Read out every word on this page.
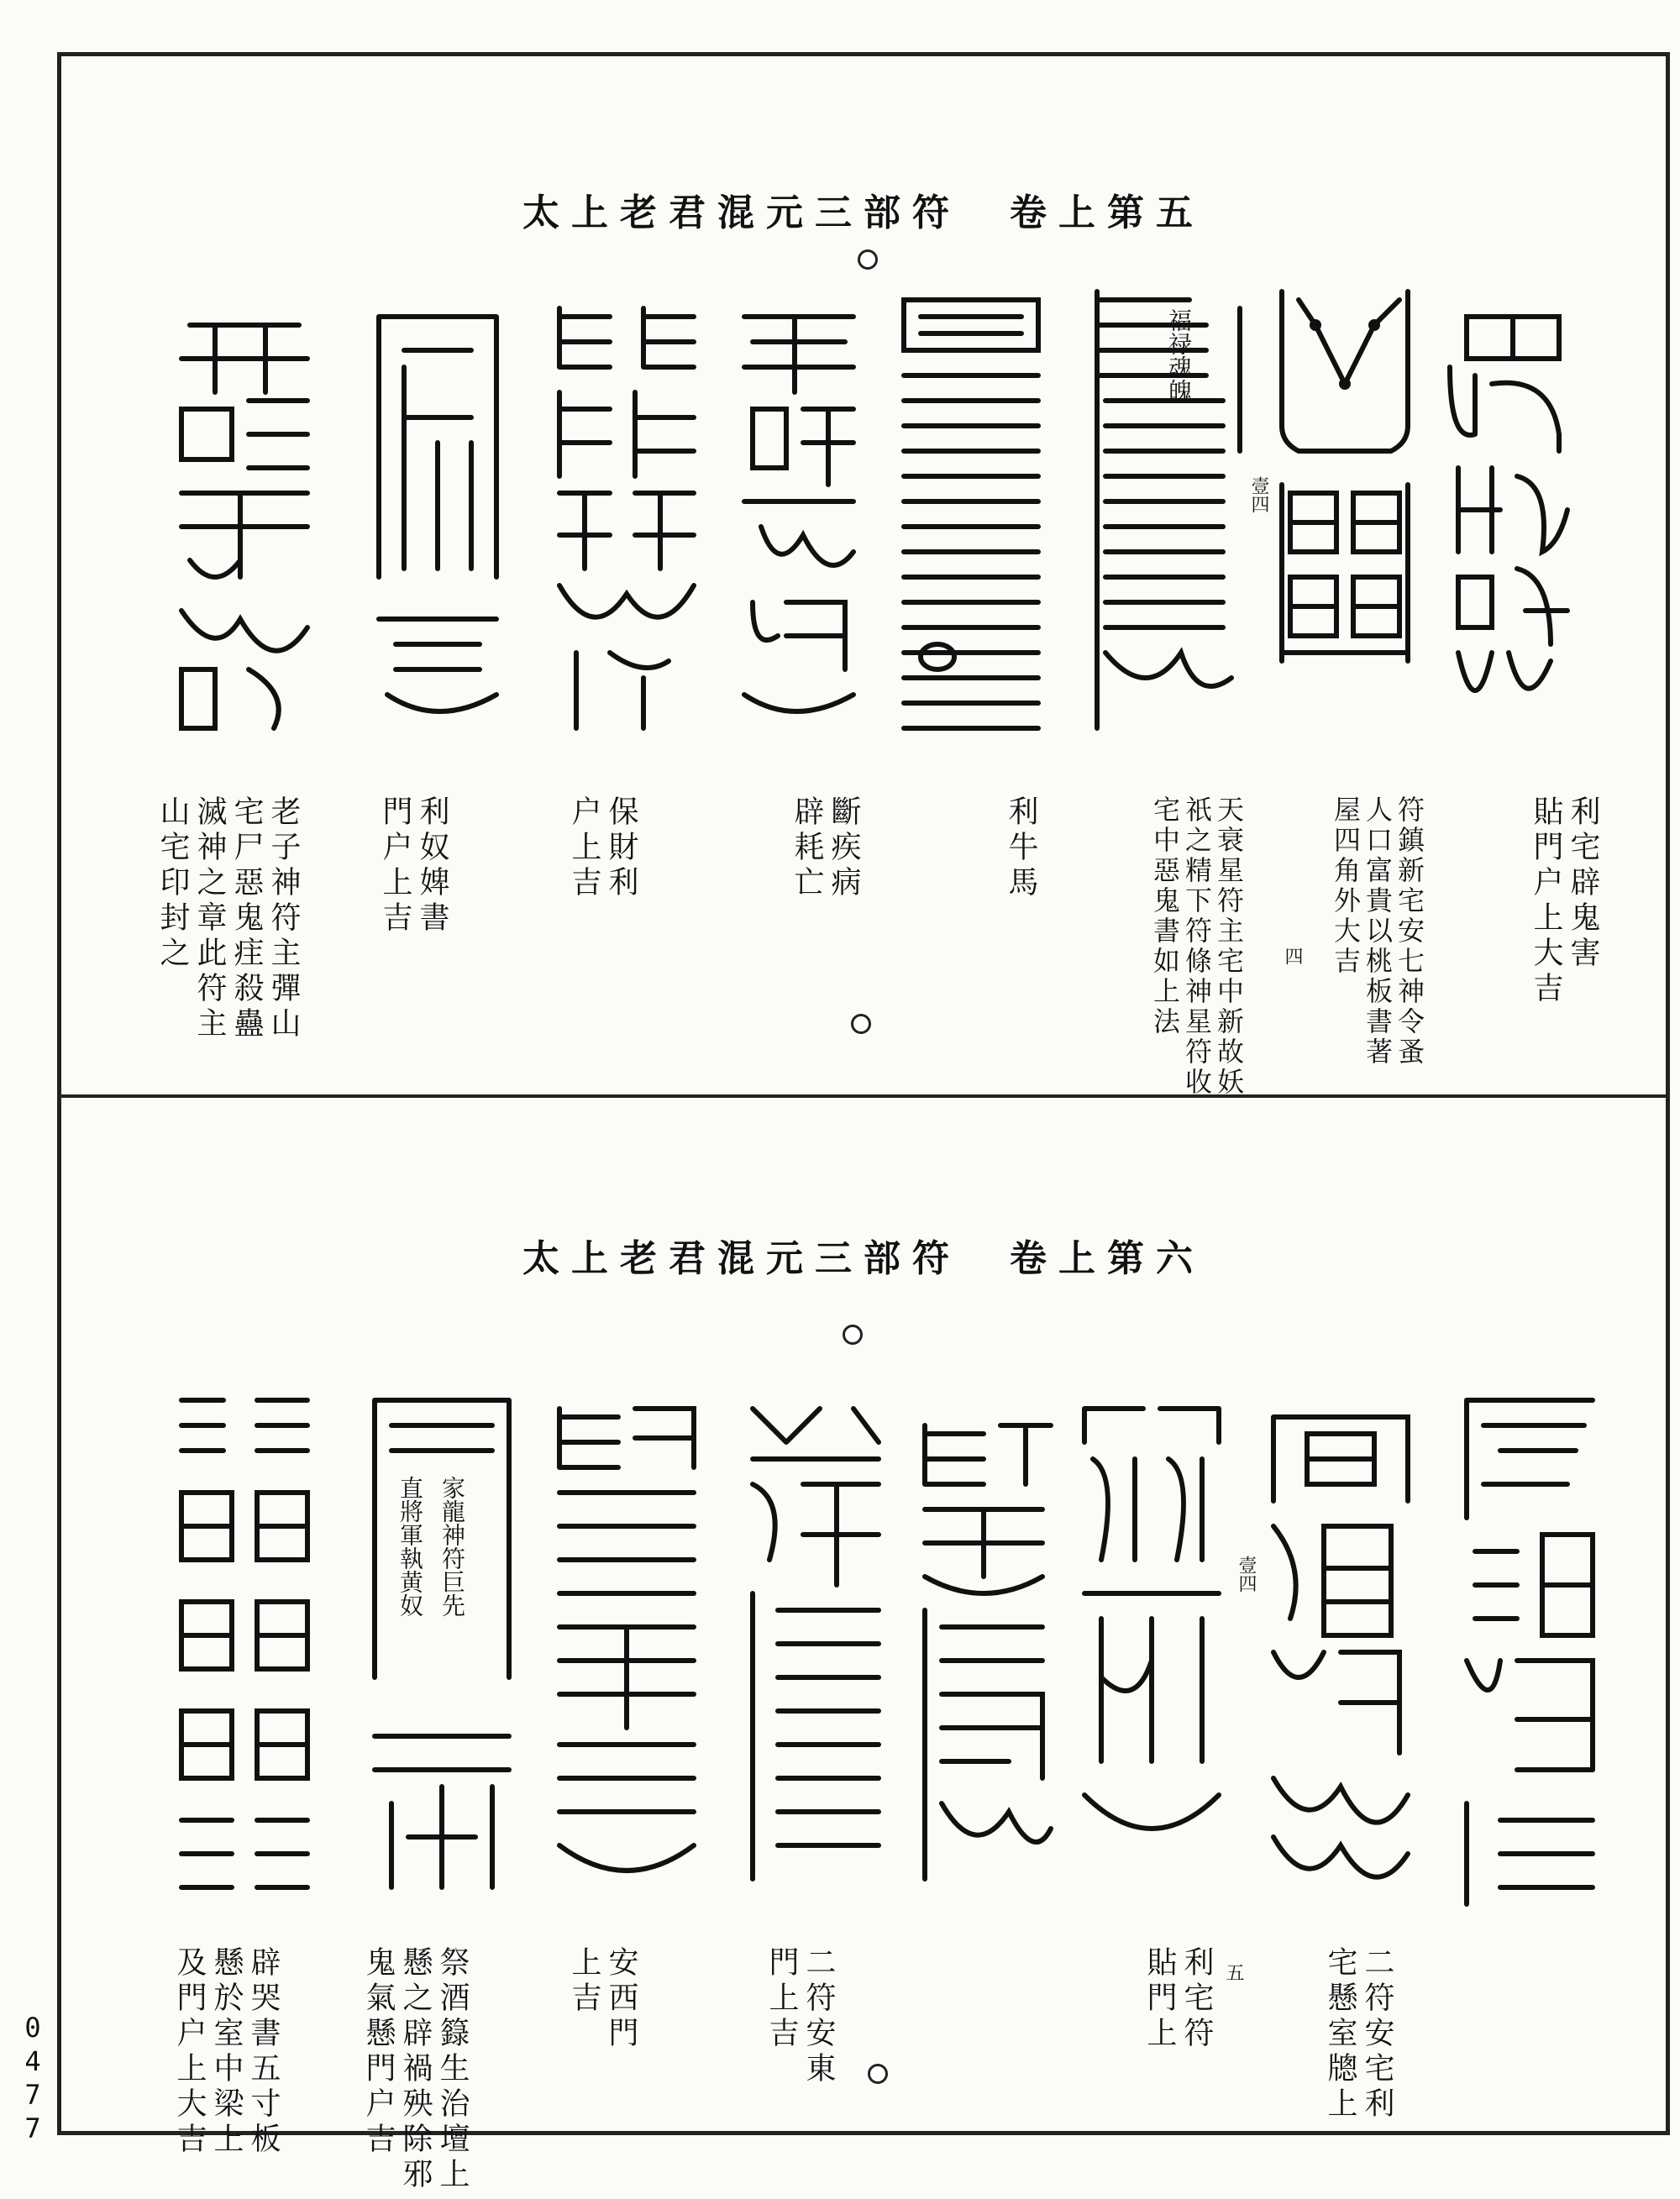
太上老君混元三部符　卷上第五
福禄魂魄
壹四
利宅辟鬼害
貼門户上大吉
符鎮新宅安七神令蚤
人口富貴以桃板書著
屋四角外大吉
四
天衰星符主宅中新故妖
祇之精下符條神星符收
宅中惡鬼書如上法
利牛馬
斷疾病
辟耗亡
保財利
户上吉
利奴婢書
門户上吉
老子神符主彈山
宅尸惡鬼疰殺蠱
滅神之章此符主
山宅印封之
太上老君混元三部符　卷上第六
壹四
家龍神符巨先
直將軍執黄奴
二符安宅利
宅懸室牕上
五
利宅符
貼門上
二符安東
門上吉
安西門
上吉
祭酒籙生治壇上
懸之辟禍殃除邪
鬼氣懸門户吉
辟哭書五寸板
懸於室中梁上
及門户上大吉
0477
